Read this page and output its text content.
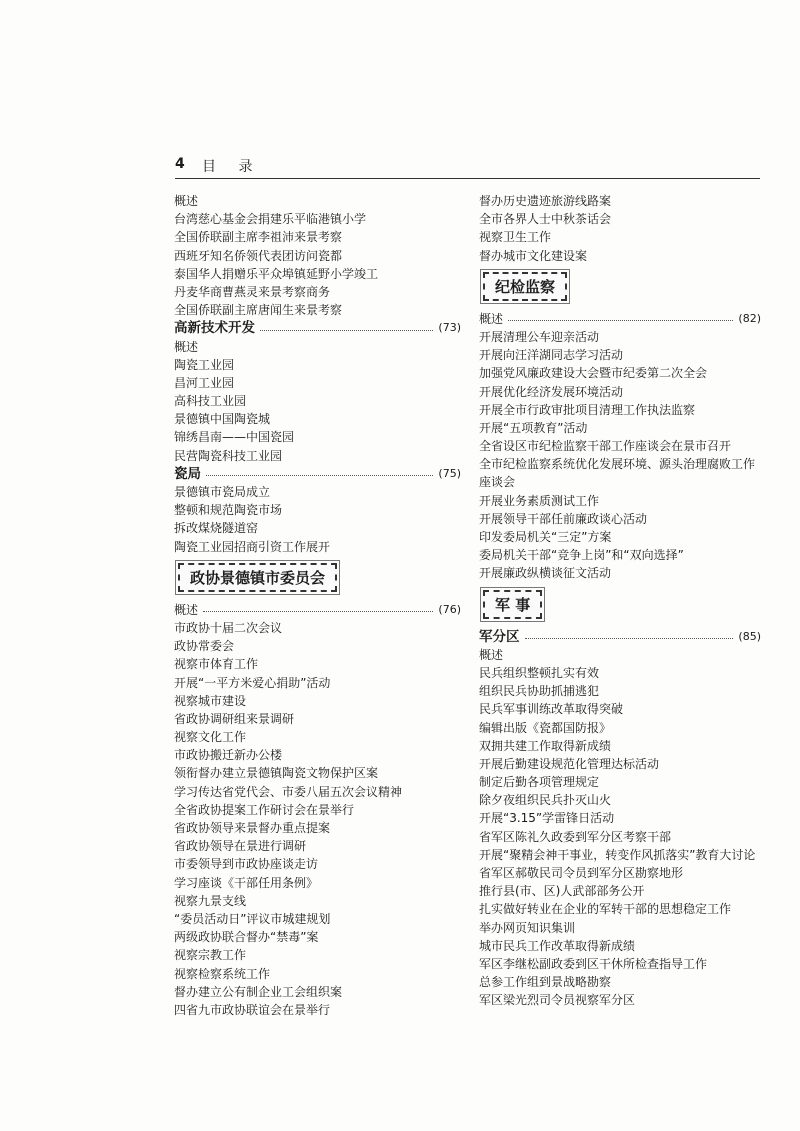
4 目 录
概述
台湾慈心基金会捐建乐平临港镇小学
全国侨联副主席李祖沛来景考察
西班牙知名侨领代表团访问瓷都
泰国华人捐赠乐平众埠镇延野小学竣工
丹麦华商曹燕灵来景考察商务
全国侨联副主席唐闻生来景考察
高新技术开发	(73)
概述
陶瓷工业园
昌河工业园
高科技工业园
景德镇中国陶瓷城
锦绣昌南——中国瓷园
民营陶瓷科技工业园
瓷局	(75)
景德镇市瓷局成立
整顿和规范陶瓷市场
拆改煤烧隧道窑
陶瓷工业园招商引资工作展开
政协景德镇市委员会
概述	(76)
市政协十届二次会议
政协常委会
视察市体育工作
开展“一平方米爱心捐助”活动
视察城市建设
省政协调研组来景调研
视察文化工作
市政协搬迁新办公楼
领衔督办建立景德镇陶瓷文物保护区案
学习传达省党代会、市委八届五次会议精神
全省政协提案工作研讨会在景举行
省政协领导来景督办重点提案
省政协领导在景进行调研
市委领导到市政协座谈走访
学习座谈《干部任用条例》
视察九景支线
“委员活动日”评议市城建规划
两级政协联合督办“禁毒”案
视察宗教工作
视察检察系统工作
督办建立公有制企业工会组织案
四省九市政协联谊会在景举行
督办历史遗迹旅游线路案
全市各界人士中秋茶话会
视察卫生工作
督办城市文化建设案
纪检监察
概述	(82)
开展清理公车迎亲活动
开展向汪洋湖同志学习活动
加强党风廉政建设大会暨市纪委第二次全会
开展优化经济发展环境活动
开展全市行政审批项目清理工作执法监察
开展“五项教育”活动
全省设区市纪检监察干部工作座谈会在景市召开
全市纪检监察系统优化发展环境、源头治理腐败工作
座谈会
开展业务素质测试工作
开展领导干部任前廉政谈心活动
印发委局机关“三定”方案
委局机关干部“竞争上岗”和“双向选择”
开展廉政纵横谈征文活动
军 事
军分区	(85)
概述
民兵组织整顿扎实有效
组织民兵协助抓捕逃犯
民兵军事训练改革取得突破
编辑出版《瓷都国防报》
双拥共建工作取得新成绩
开展后勤建设规范化管理达标活动
制定后勤各项管理规定
除夕夜组织民兵扑灭山火
开展“3.15”学雷锋日活动
省军区陈礼久政委到军分区考察干部
开展“聚精会神干事业，转变作风抓落实”教育大讨论
省军区郝敬民司令员到军分区勘察地形
推行县(市、区)人武部部务公开
扎实做好转业在企业的军转干部的思想稳定工作
举办网页知识集训
城市民兵工作改革取得新成绩
军区李继松副政委到区干休所检查指导工作
总参工作组到景战略勘察
军区梁光烈司令员视察军分区
